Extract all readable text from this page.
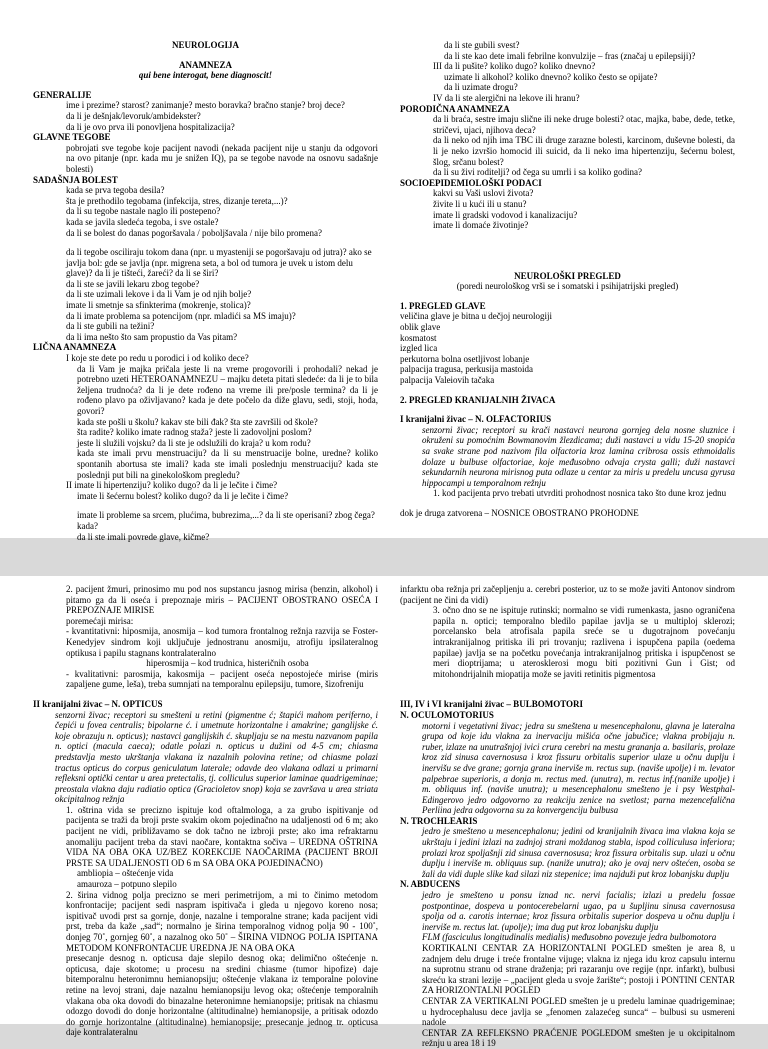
NEUROLOGIJA

ANAMNEZA

qui bene interogat, bene diagnoscit!

GENERALIJE

ime i prezime? starost? zanimanje? mesto boravka? bračno stanje? broj dece?

da li je dešnjak/levoruk/ambidekster?

da li je ovo prva ili ponovljena hospitalizacija?

GLAVNE TEGOBE

pobrojati sve tegobe koje pacijent navodi (nekada pacijent nije u stanju da odgovori na ovo pitanje (npr. kada mu je snižen IQ), pa se tegobe navode na osnovu sadašnje bolesti)

SADAŠNJA BOLEST

kada se prva tegoba desila?

šta je prethodilo tegobama (infekcija, stres, dizanje tereta,...)?

da li su tegobe nastale naglo ili postepeno?

kada se javila sledeća tegoba, i sve ostale?

da li se bolest do danas pogoršavala / poboljšavala / nije bilo promena?

da li tegobe osciliraju tokom dana (npr. u myasteniji se pogoršavaju od jutra)? ako se javlja bol: gde se javlja (npr. migrena seta, a bol od tumora je uvek u istom delu glave)? da li je tišteći, žareći? da li se širi?

da li ste se javili lekaru zbog tegobe?

da li ste uzimali lekove i da li Vam je od njih bolje?

imate li smetnje sa sfinkterima (mokrenje, stolica)?

da li imate problema sa potencijom (npr. mladići sa MS imaju)?

da li ste gubili na težini?

da li ima nešto što sam propustio da Vas pitam?

LIČNA ANAMNEZA

I koje ste dete po redu u porodici i od koliko dece?

da li Vam je majka pričala jeste li na vreme progovorili i prohodali? nekad je potrebno uzeti HETEROANAMNEZU – majku deteta pitati sledeće: da li je to bila željena trudnoća? da li je dete rođeno na vreme ili pre/posle termina? da li je rođeno plavo pa oživljavano? kada je dete počelo da diže glavu, sedi, stoji, hoda, govori?

kada ste pošli u školu? kakav ste bili đak? šta ste završili od škole?

šta radite? koliko imate radnog staža? jeste li zadovoljni poslom?

jeste li služili vojsku? da li ste je odslužili do kraja? u kom rodu?

kada ste imali prvu menstruaciju? da li su menstruacije bolne, uredne? koliko spontanih abortusa ste imali? kada ste imali poslednju menstruaciju? kada ste poslednji put bili na ginekološkom pregledu?

II imate li hipertenziju? koliko dugo? da li je lečite i čime?

imate li šećernu bolest? koliko dugo? da li je lečite i čime?

imate li probleme sa srcem, plućima, bubrezima,...? da li ste operisani? zbog čega? kada?

da li ste imali povrede glave, kičme?

da li ste gubili svest?

da li ste kao dete imali febrilne konvulzije – fras (značaj u epilepsiji)?

III da li pušite? koliko dugo? koliko dnevno?

uzimate li alkohol? koliko dnevno? koliko često se opijate?

da li uzimate drogu?

IV da li ste alergični na lekove ili hranu?

PORODIČNA ANAMNEZA

da li braća, sestre imaju sličnе ili neke druge bolesti? otac, majka, babe, dede, tetke, stričevi, ujaci, njihova deca?

da li neko od njih ima TBC ili druge zarazne bolesti, karcinom, duševne bolesti, da li je neko izvršio homocid ili suicid, da li neko ima hipertenziju, šećernu bolest, šlog, srčanu bolest?

da li su živi roditelji? od čega su umrli i sa koliko godina?

SOCIOEPIDEMIOLOŠKI PODACI

kakvi su Vaši uslovi života?

živite li u kući ili u stanu?

imate li gradski vodovod i kanalizaciju?

imate li domaće životinje?

NEUROLOŠKI PREGLED

(poredi neurološkog vrši se i somatski i psihijatrijski pregled)

1. PREGLED GLAVE

veličina glave je bitna u dečjoj neurologiji

oblik glave

kosmatost

izgled lica

perkutorna bolna osetljivost lobanje

palpacija tragusa, perkusija mastoida

palpacija Valeiovih tačaka

2. PREGLED KRANIJALNIH ŽIVACA

I kranijalni živac – N. OLFACTORIUS

senzorni živac; receptori su krači nastavci neurona gornjeg dela nosne sluznice i okruženi su pomoćnim Bowmanovim žlezdicama; duži nastavci u vidu 15-20 snopića sa svake strane pod nazivom fila olfactoria kroz lamina cribrosa ossis ethmoidalis dolaze u bulbuse olfactoriae, koje međusobno odvaja crysta galli; duži nastavci sekundarnih neurona mirisnog puta odlaze u centar za miris u predelu uncusa gyrusa hippocampi u temporalnom režnju

1. kod pacijenta prvo trebati utvrditi prohodnost nosnica tako što dune kroz jednu

dok je druga zatvorena – NOSNICE OBOSTRANO PROHODNE

2. pacijent žmuri, prinosimo mu pod nos supstancu jasnog mirisa (benzin, alkohol) i pitamo ga da li oseća i prepoznaje miris – PACIJENT OBOSTRANO OSEĆA I PREPOZNAJE MIRISE

poremećaji mirisa:

- kvantitativni: hiposmija, anosmija – kod tumora frontalnog režnja razvija se Foster-Kenedyjev sindrom koji uključuje jednostranu anosmiju, atrofiju ipsilateralnog optikusa i papilu stagnans kontralateralno

hiperosmija – kod trudnica, histeričnih osoba

- kvalitativni: parosmija, kakosmija – pacijent oseća nepostojeće mirise (miris zapaljene gume, leša), treba sumnjati na temporalnu epilepsiju, tumore, šizofreniju

II kranijalni živac – N. OPTICUS

senzorni živac; receptori su smešteni u retini (pigmentne ć; štapići mahom periferno, i čepići u fovea centralis; bipolarne ć. i umetnute horizontalne i amakrine; ganglijske ć. koje obrazuju n. opticus); nastavci ganglijskih ć. skupljaju se na mestu nazvanom papila n. optici (macula caeca); odatle polazi n. opticus u dužini od 4-5 cm; chiasma predstavlja mesto ukrštanja vlakana iz nazalnih polovina retine; od chiasme polazi tractus opticus do corpus geniculatum laterale; odavde deo vlakana odlazi u primarni refleksni optički centar u area pretectalis, tj. colliculus superior laminae quadrigeminae; preostala vlakna daju radiatio optica (Gracioletov snop) koja se završava u area striata okcipitalnog režnja

1. oštrina vida se precizno ispituje kod oftalmologa, a za grubo ispitivanje od pacijenta se traži da broji prste svakim okom pojedinačno na udaljenosti od 6 m; ako pacijent ne vidi, približavamo se dok tačno ne izbroji prste; ako ima refraktarnu anomaliju pacijent treba da stavi naočare, kontaktna sočiva – UREDNA OŠTRINA VIDA NA OBA OKA UZ/BEZ KOREKCIJE NAOČARIMA (PACIJENT BROJI PRSTE SA UDALJENOSTI OD 6 m SA OBA OKA POJEDINAČNO)

ambliopia – oštećenje vida

amauroza – potpuno slepilo

2. širina vidnog polja precizno se meri perimetrijom, a mi to činimo metodom konfrontacije; pacijent sedi naspram ispitivača i gleda u njegovo koreno nosa; ispitivač uvodi prst sa gornje, donje, nazalne i temporalne strane; kada pacijent vidi prst, treba da kaže „sad“; normalno je širina temporalnog vidnog polja 90 - 100˚, donjeg 70˚, gornjeg 60˚, a nazalnog oko 50˚ – ŠIRINA VIDNOG POLJA ISPITANA METODOM KONFRONTACIJE UREDNA JE NA OBA OKA

presecanje desnog n. opticusa daje slepilo desnog oka; delimično oštećenje n. opticusa, daje skotome; u procesu na sredini chiasme (tumor hipofize) daje bitemporalnu heteronimnu hemianopsiju; oštećenje vlakana iz temporalne polovine retine na levoj strani, daje nazalnu hemianopsiju levog oka; oštećenje temporalnih vlakana oba oka dovodi do binazalne heteronimne hemianopsije; pritisak na chiasmu odozgo dovodi do donje horizontalne (altitudinalne) hemianopsije, a pritisak odozdo do gornje horizontalne (altitudinalne) hemianopsije; presecanje jednog tr. opticusa daje kontralateralnu

infarktu oba režnja pri začepljenju a. cerebri posterior, uz to se može javiti Antonov sindrom (pacijent ne čini da vidi)

3. očno dno se ne ispituje rutinski; normalno se vidi rumenkasta, jasno ograničena papila n. optici; temporalno bledilo papilae javlja se u multiploj sklerozi; porcelansko bela atrofisala papila sreće se u dugotrajnom povećanju intrakranijalnog pritiska ili pri trovanju; razlivena i ispupčena papila (oedema papilae) javlja se na početku povećanja intrakranijalnog pritiska i ispupčenost se meri dioptrijama; u ateroskleroзi mogu biti pozitivni Gun i Gist; od mitohondrijalnih miopatija može se javiti retinitis pigmentosa

III, IV i VI kranijalni živac – BULBOMOTORI

N. OCULOMOTORIUS

motorni i vegetativni živac; jedra su smeštena u mesencephalonu, glavna je lateralna grupa od koje idu vlakna za inervaciju mišića očne jabučice; vlakna probijaju n. ruber, izlaze na unutrašnjoj ivici crura cerebri na mestu grananja a. basilaris, prolaze kroz zid sinusa cavernosusa i kroz fissuru orbitalis superior ulaze u očnu duplju i inervišu se dve grane; gornja grana inerviše m. rectus sup. (naviše upolje) i m. levator palpebrae superioris, a donja m. rectus med. (unutra), m. rectus inf.(naniže upolje) i m. obliquus inf. (naviše unutra); u mesencephalonu smešteno je i psy Westphal-Edingerovo jedro odgovorno za reakciju zenice na svetlost; parna mezencefalična Perliina jedra odgovorna su za konvergenciju bulbusa

N. TROCHLEARIS

jedro je smešteno u mesencephalonu; jedini od kranijalnih živaca ima vlakna koja se ukrštaju i jedini izlazi na zadnjoj strani moždanog stabla, ispod colliculusa inferiora; prolazi kroz spoljašnji zid sinusa cavernosusa; kroz fissura orbitalis sup. ulazi u očnu duplju i inerviše m. obliquus sup. (naniže unutra); ako je ovaj nerv oštećen, osoba se žali da vidi duple slike kad silazi niz stepenice; ima najduži put kroz lobanjsku duplju

N. ABDUCENS

jedro je smešteno u ponsu iznad nc. nervi facialis; izlazi u predelu fossae postpontinae, dospeva u pontocerebelarni ugao, pa u šupljinu sinusa cavernosusa spolja od a. carotis internae; kroz fissura orbitalis superior dospeva u očnu duplju i inerviše m. rectus lat. (upolje); ima dug put kroz lobanjsku duplju

FLM (fasciculus longitudinalis medialis) međusobno povezuje jedra bulbomotora

KORTIKALNI CENTAR ZA HORIZONTALNI POGLED smešten je area 8, u zadnjem delu druge i treće frontalne vijuge; vlakna iz njega idu kroz capsulu internu na suprotnu stranu od strane draženja; pri razaranju ove regije (npr. infarkt), bulbusi skreću ka strani lezije – „pacijent gleda u svoje žarište“; postoji i PONTINI CENTAR ZA HORIZONTALNI POGLED

CENTAR ZA VERTIKALNI POGLED smešten je u predelu laminae quadrigeminae; u hydrocephalusu dece javlja se „fenomen zalazećeg sunca“ – bulbusi su usmereni nadole

CENTAR ZA REFLEKSNO PRAĆENJE POGLEDOM smešten je u okcipitalnom režnju u area 18 i 19
